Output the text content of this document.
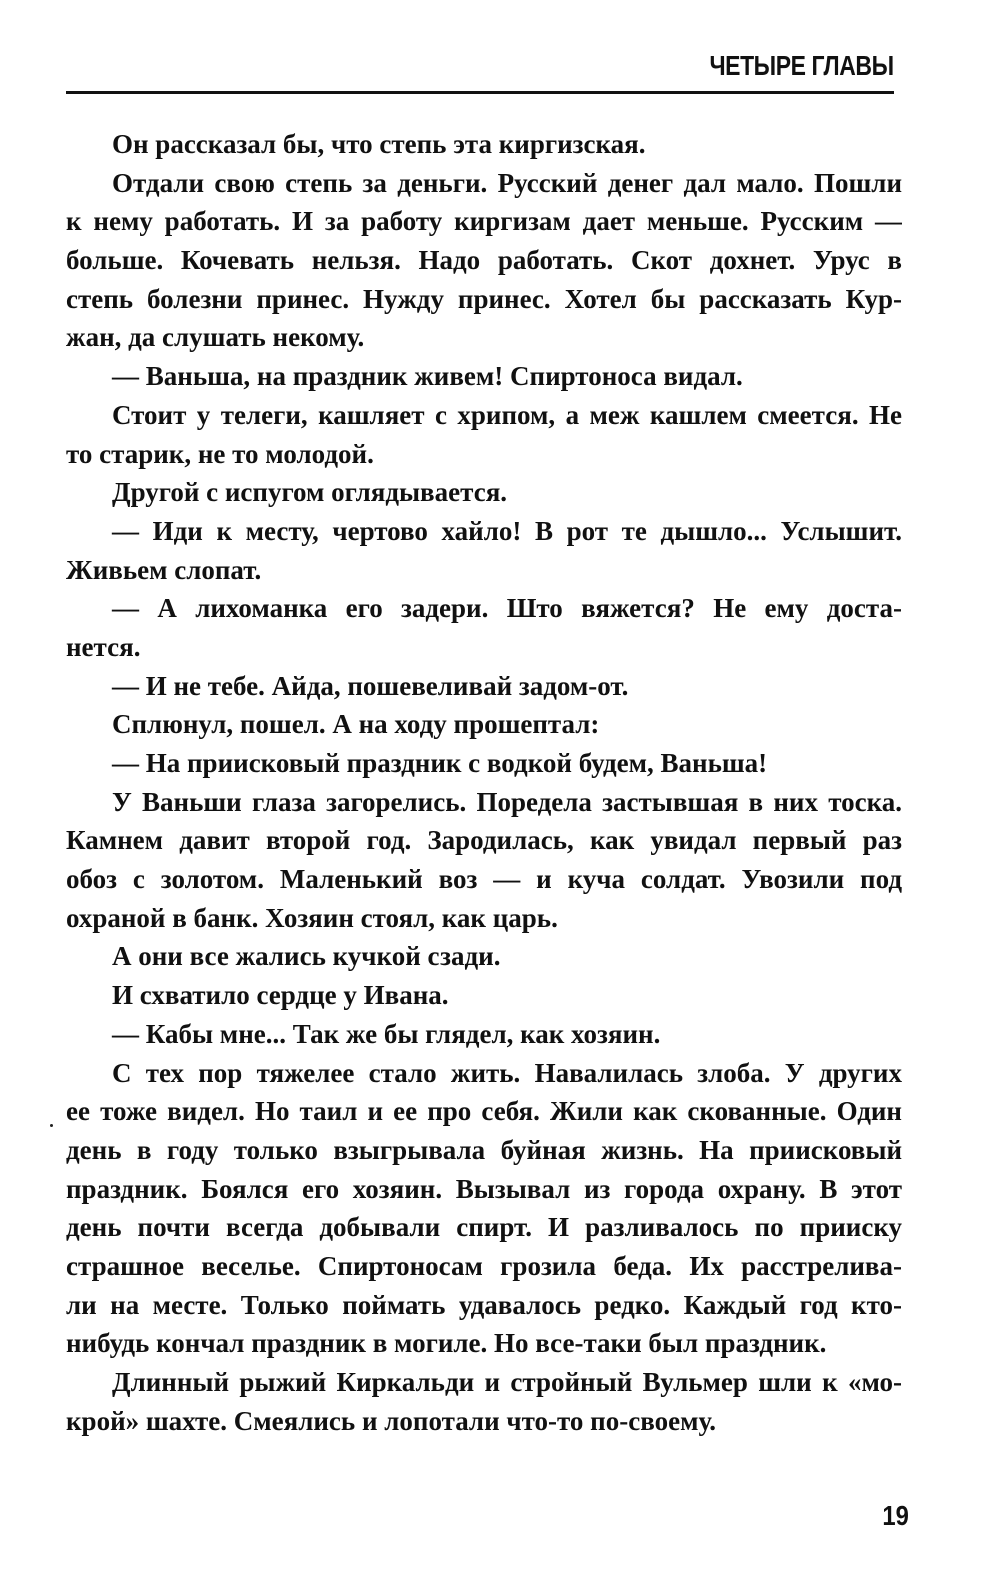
ЧЕТЫРЕ ГЛАВЫ
Он рассказал бы, что степь эта киргизская.
Отдали свою степь за деньги. Русский денег дал мало. Пошли
к нему работать. И за работу киргизам дает меньше. Русским —
больше. Кочевать нельзя. Надо работать. Скот дохнет. Урус в
степь болезни принес. Нужду принес. Хотел бы рассказать Кур-
жан, да слушать некому.
— Ваньша, на праздник живем! Спиртоноса видал.
Стоит у телеги, кашляет с хрипом, а меж кашлем смеется. Не
то старик, не то молодой.
Другой с испугом оглядывается.
— Иди к месту, чертово хайло! В рот те дышло... Услышит.
Живьем слопат.
— А лихоманка его задери. Што вяжется? Не ему доста-
нется.
— И не тебе. Айда, пошевеливай задом-от.
Сплюнул, пошел. А на ходу прошептал:
— На приисковый праздник с водкой будем, Ваньша!
У Ваньши глаза загорелись. Поредела застывшая в них тоска.
Камнем давит второй год. Зародилась, как увидал первый раз
обоз с золотом. Маленький воз — и куча солдат. Увозили под
охраной в банк. Хозяин стоял, как царь.
А они все жались кучкой сзади.
И схватило сердце у Ивана.
— Кабы мне... Так же бы глядел, как хозяин.
С тех пор тяжелее стало жить. Навалилась злоба. У других
ее тоже видел. Но таил и ее про себя. Жили как скованные. Один
день в году только взыгрывала буйная жизнь. На приисковый
праздник. Боялся его хозяин. Вызывал из города охрану. В этот
день почти всегда добывали спирт. И разливалось по прииску
страшное веселье. Спиртоносам грозила беда. Их расстрелива-
ли на месте. Только поймать удавалось редко. Каждый год кто-
нибудь кончал праздник в могиле. Но все-таки был праздник.
Длинный рыжий Киркальди и стройный Вульмер шли к «мо-
крой» шахте. Смеялись и лопотали что-то по-своему.
19
